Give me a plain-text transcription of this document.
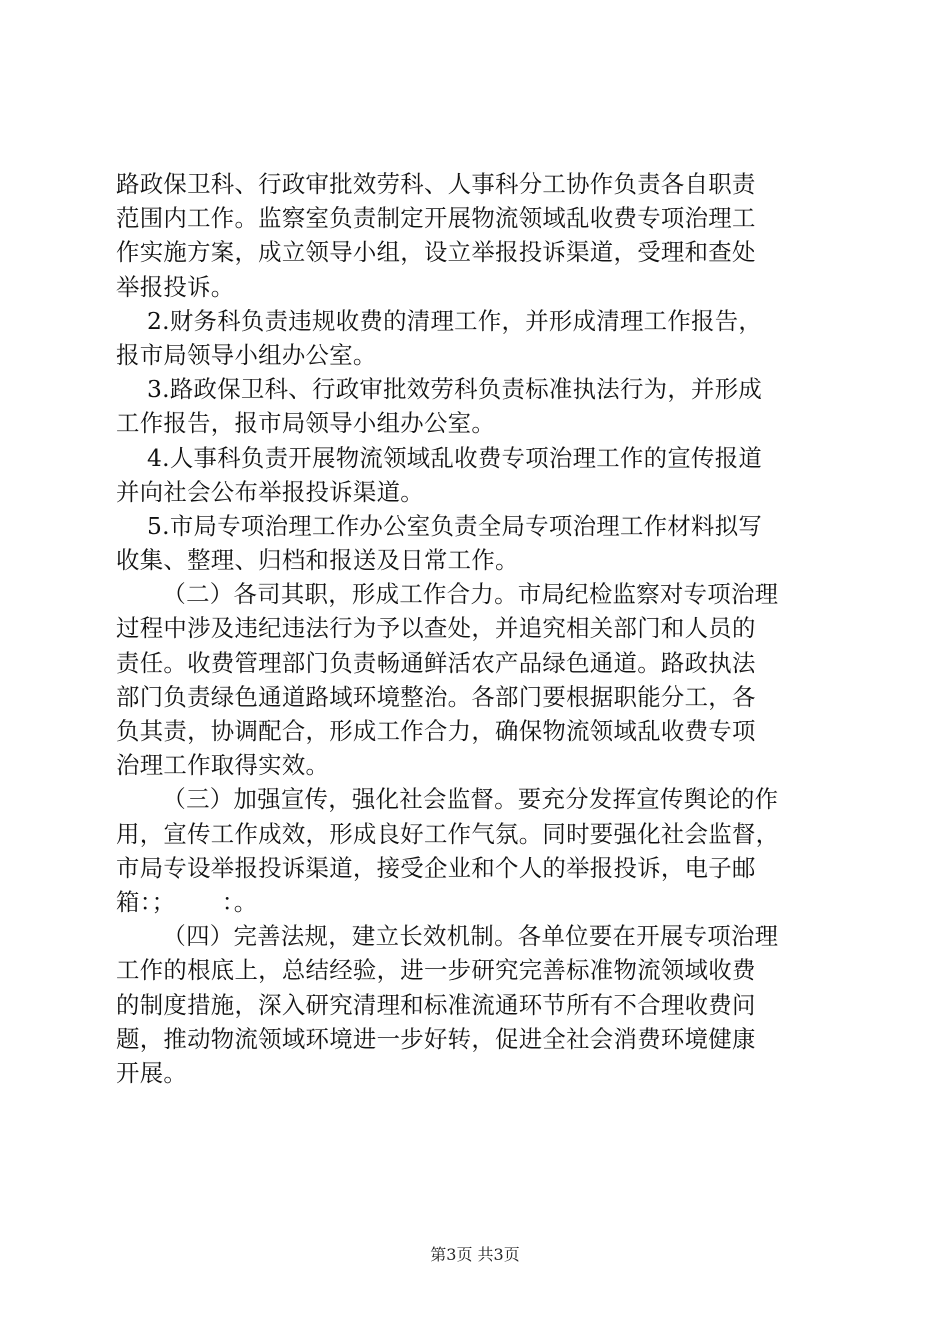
路政保卫科、行政审批效劳科、人事科分工协作负责各自职责
范围内工作。监察室负责制定开展物流领域乱收费专项治理工
作实施方案，成立领导小组，设立举报投诉渠道，受理和查处
举报投诉。
2.财务科负责违规收费的清理工作，并形成清理工作报告，
报市局领导小组办公室。
3.路政保卫科、行政审批效劳科负责标准执法行为，并形成
工作报告，报市局领导小组办公室。
4.人事科负责开展物流领域乱收费专项治理工作的宣传报道
并向社会公布举报投诉渠道。
5.市局专项治理工作办公室负责全局专项治理工作材料拟写
收集、整理、归档和报送及日常工作。
（二）各司其职，形成工作合力。市局纪检监察对专项治理
过程中涉及违纪违法行为予以查处，并追究相关部门和人员的
责任。收费管理部门负责畅通鲜活农产品绿色通道。路政执法
部门负责绿色通道路域环境整治。各部门要根据职能分工，各
负其责，协调配合，形成工作合力，确保物流领域乱收费专项
治理工作取得实效。
（三）加强宣传，强化社会监督。要充分发挥宣传舆论的作
用，宣传工作成效，形成良好工作气氛。同时要强化社会监督，
市局专设举报投诉渠道，接受企业和个人的举报投诉，电子邮
箱：；      ：。
（四）完善法规，建立长效机制。各单位要在开展专项治理
工作的根底上，总结经验，进一步研究完善标准物流领域收费
的制度措施，深入研究清理和标准流通环节所有不合理收费问
题，推动物流领域环境进一步好转，促进全社会消费环境健康
开展。
第3页 共3页
